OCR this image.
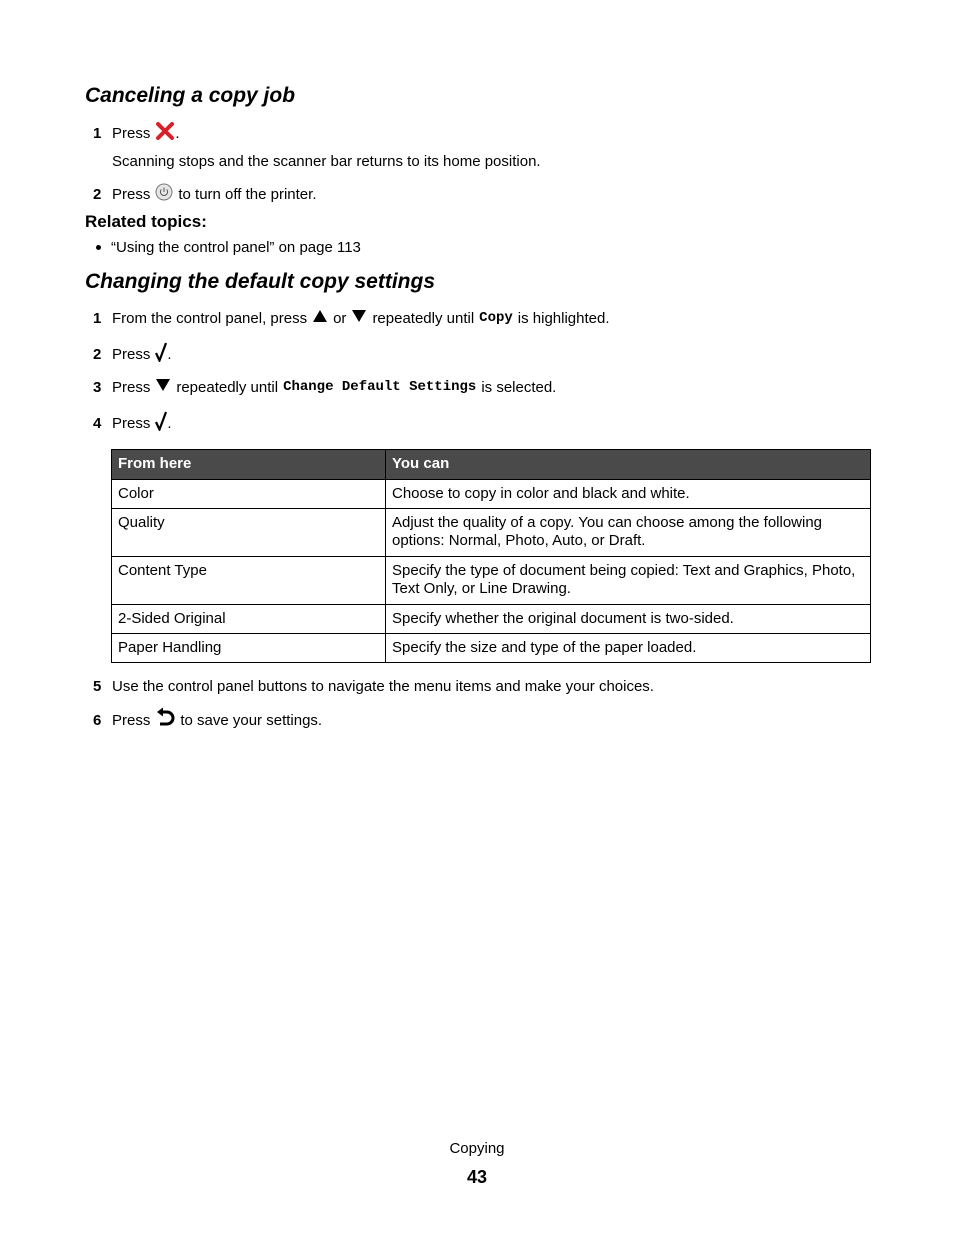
Canceling a copy job
1 Press .
Scanning stops and the scanner bar returns to its home position.
2 Press to turn off the printer.
Related topics:
“Using the control panel” on page 113
Changing the default copy settings
1 From the control panel, press or repeatedly until Copy is highlighted.
2 Press .
3 Press repeatedly until Change Default Settings is selected.
4 Press .
From here	You can
Color	Choose to copy in color and black and white.
Quality	Adjust the quality of a copy. You can choose among the following options: Normal, Photo, Auto, or Draft.
Content Type	Specify the type of document being copied: Text and Graphics, Photo, Text Only, or Line Drawing.
2-Sided Original	Specify whether the original document is two-sided.
Paper Handling	Specify the size and type of the paper loaded.
5 Use the control panel buttons to navigate the menu items and make your choices.
6 Press to save your settings.
Copying
43
